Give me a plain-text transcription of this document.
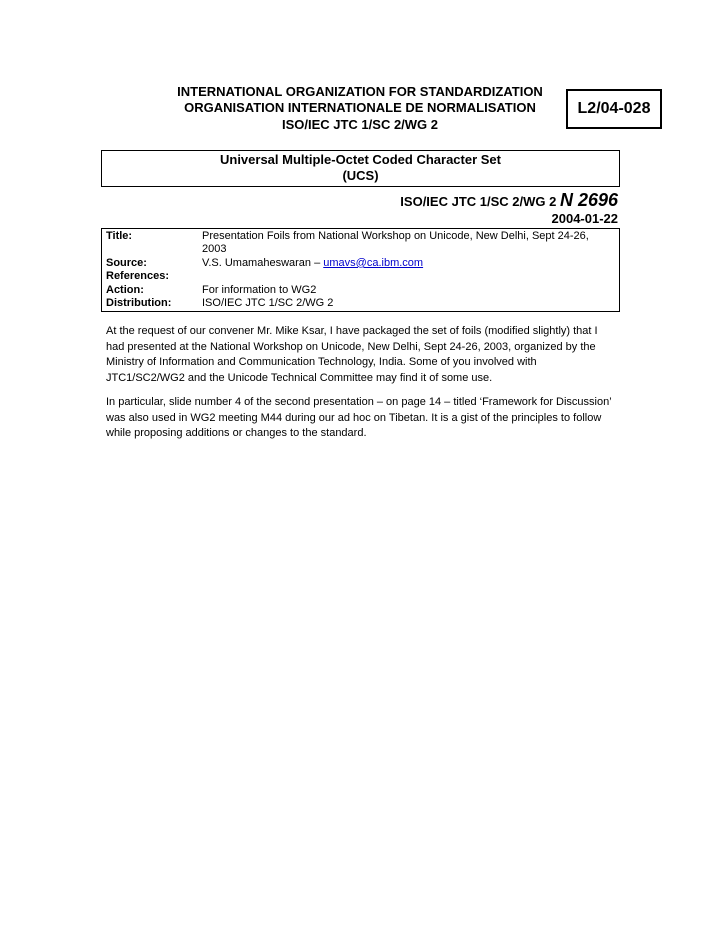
INTERNATIONAL ORGANIZATION FOR STANDARDIZATION
ORGANISATION INTERNATIONALE DE NORMALISATION
ISO/IEC JTC 1/SC 2/WG 2
L2/04-028
Universal Multiple-Octet Coded Character Set
(UCS)
ISO/IEC JTC 1/SC 2/WG 2 N 2696
2004-01-22
Title:	Presentation Foils from National Workshop on Unicode, New Delhi, Sept 24-26, 2003
Source:	V.S. Umamaheswaran – umavs@ca.ibm.com
References:
Action:	For information to WG2
Distribution:	ISO/IEC JTC 1/SC 2/WG 2

At the request of our convener Mr. Mike Ksar, I have packaged the set of foils (modified slightly) that I had presented at the National Workshop on Unicode, New Delhi, Sept 24-26, 2003, organized by the Ministry of Information and Communication Technology, India. Some of you involved with JTC1/SC2/WG2 and the Unicode Technical Committee may find it of some use.

In particular, slide number 4 of the second presentation – on page 14 – titled ‘Framework for Discussion’ was also used in WG2 meeting M44 during our ad hoc on Tibetan. It is a gist of the principles to follow while proposing additions or changes to the standard.
